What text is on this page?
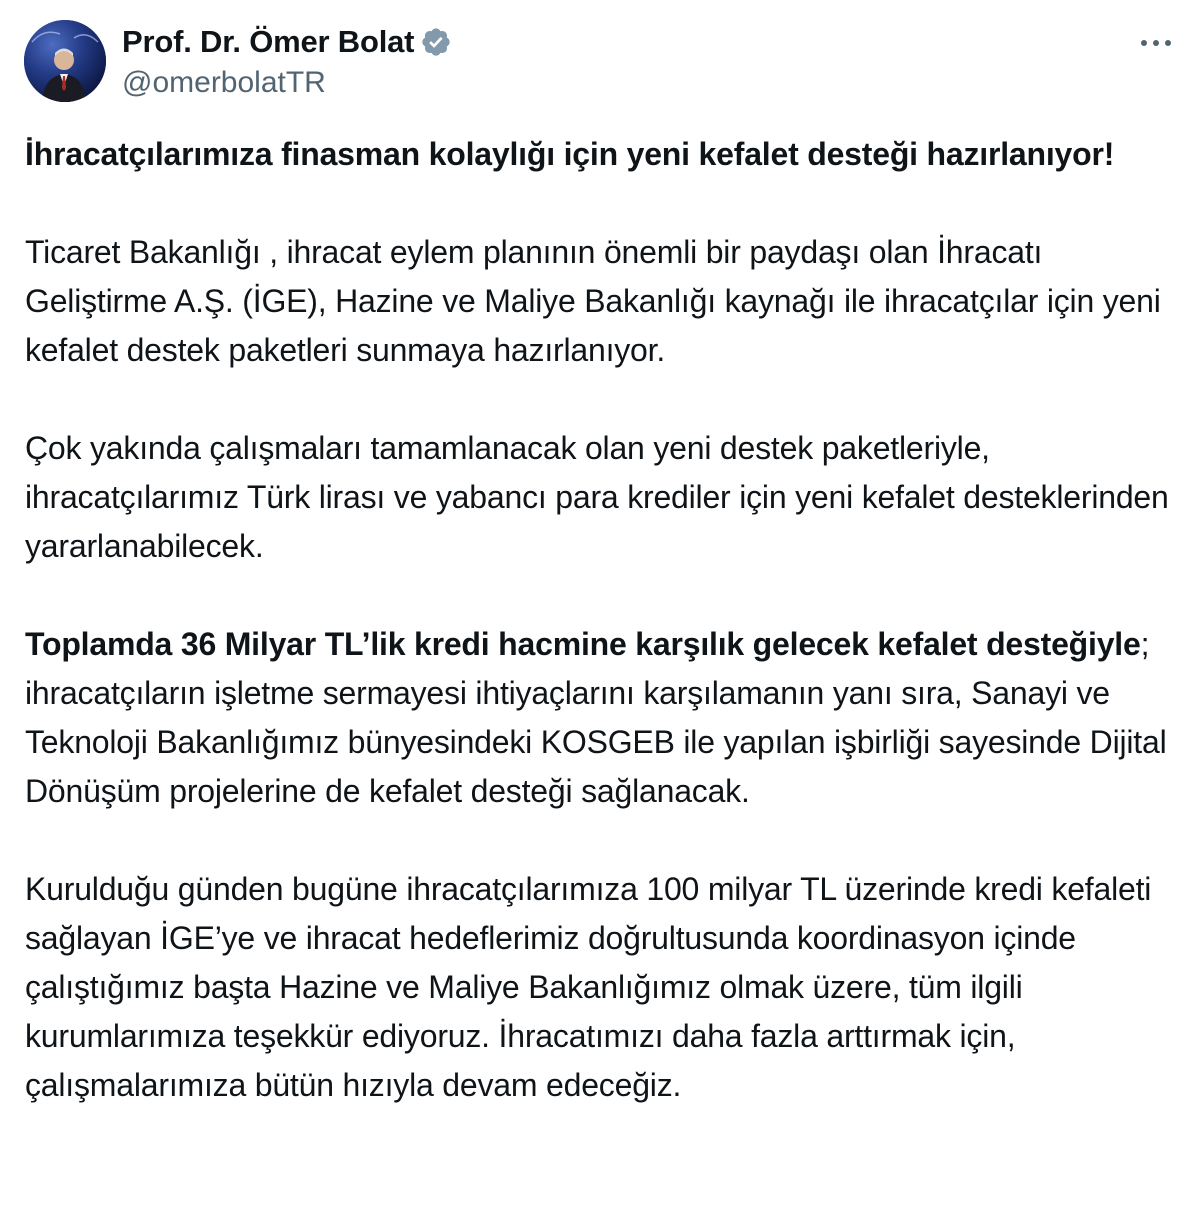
Prof. Dr. Ömer Bolat
@omerbolatTR

İhracatçılarımıza finasman kolaylığı için yeni kefalet desteği hazırlanıyor!

Ticaret Bakanlığı , ihracat eylem planının önemli bir paydaşı olan İhracatı Geliştirme A.Ş. (İGE), Hazine ve Maliye Bakanlığı kaynağı ile ihracatçılar için yeni kefalet destek paketleri sunmaya hazırlanıyor.

Çok yakında çalışmaları tamamlanacak olan yeni destek paketleriyle, ihracatçılarımız Türk lirası ve yabancı para krediler için yeni kefalet desteklerinden yararlanabilecek.

Toplamda 36 Milyar TL’lik kredi hacmine karşılık gelecek kefalet desteğiyle; ihracatçıların işletme sermayesi ihtiyaçlarını karşılamanın yanı sıra, Sanayi ve Teknoloji Bakanlığımız bünyesindeki KOSGEB ile yapılan işbirliği sayesinde Dijital Dönüşüm projelerine de kefalet desteği sağlanacak.

Kurulduğu günden bugüne ihracatçılarımıza 100 milyar TL üzerinde kredi kefaleti sağlayan İGE’ye ve ihracat hedeflerimiz doğrultusunda koordinasyon içinde çalıştığımız başta Hazine ve Maliye Bakanlığımız olmak üzere, tüm ilgili kurumlarımıza teşekkür ediyoruz. İhracatımızı daha fazla arttırmak için, çalışmalarımıza bütün hızıyla devam edeceğiz.
